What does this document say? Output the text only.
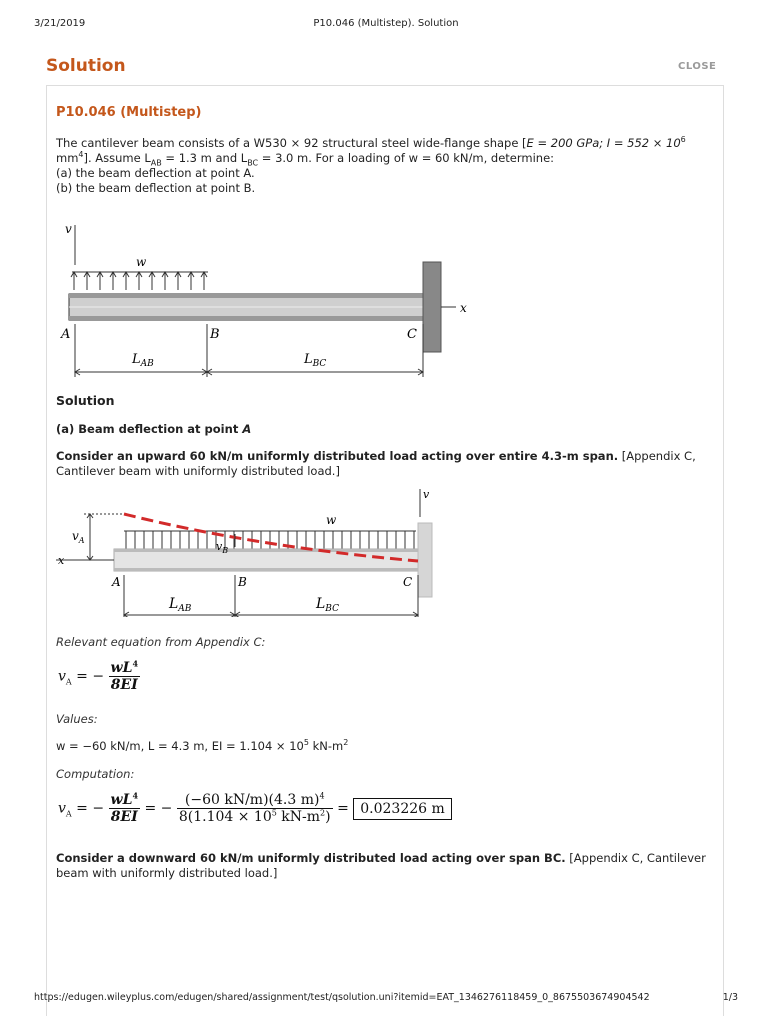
3/21/2019	P10.046 (Multistep). Solution
Solution	CLOSE
P10.046 (Multistep)

The cantilever beam consists of a W530 × 92 structural steel wide-flange shape [E = 200 GPa; $I = 552 \times 10^6$

$mm^4$]. Assume $L_{AB} = 1.3$ m and $L_{BC} = 3.0$ m. For a loading of w = 60 kN/m, determine:

(a) the beam deflection at point A.

(b) the beam deflection at point B.

v
w
x
A	B	C
$L_{AB}$	$L_{BC}$
Solution
(a) Beam deflection at point A

Consider an upward 60 kN/m uniformly distributed load acting over entire 4.3-m span. [Appendix C, Cantilever beam with uniformly distributed load.]

v
w
x
$v_A$	$v_B$
A	B	C
$L_{AB}$	$L_{BC}$
Relevant equation from Appendix C:
$v_A$ = − $\frac{wL^4}{8EI}$
Values:
w = −60 kN/m, L = 4.3 m, EI = $1.104 \times 10^5$ $kN-m^2$
Computation:
$v_A$ = − $\frac{wL^4}{8EI}$ = − $\frac{(-60 kN/m)(4.3 m)^4}{8(1.104 \times 10^5 kN-m^2)} = 0.023226$ m

Consider a downward 60 kN/m uniformly distributed load acting over span BC. [Appendix C, Cantilever beam with uniformly distributed load.]

https://edugen.wileyplus.com/edugen/shared/assignment/test/qsolution.uni?itemid=EAT_1346276118459_0_8675503674904542	1/3
